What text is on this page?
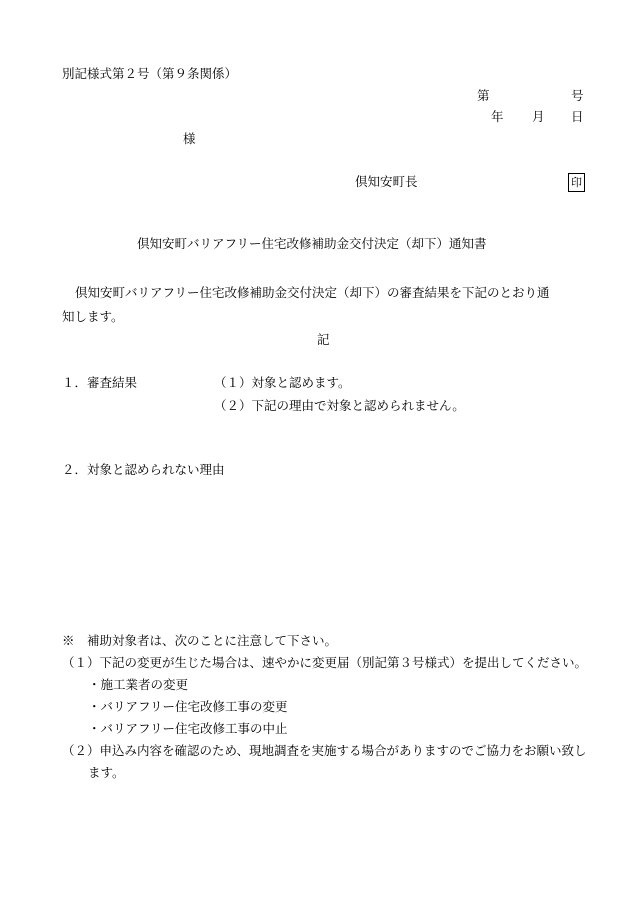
別記様式第２号（第９条関係）
第	号
年 月 日
様
倶知安町長	印
倶知安町バリアフリー住宅改修補助金交付決定（却下）通知書
倶知安町バリアフリー住宅改修補助金交付決定（却下）の審査結果を下記のとおり通
知します。
記
１．審査結果	（１）対象と認めます。
（２）下記の理由で対象と認められません。
２．対象と認められない理由
※　補助対象者は、次のことに注意して下さい。
（１）下記の変更が生じた場合は、速やかに変更届（別記第３号様式）を提出してください。
・施工業者の変更
・バリアフリー住宅改修工事の変更
・バリアフリー住宅改修工事の中止
（２）申込み内容を確認のため、現地調査を実施する場合がありますのでご協力をお願い致し
ます。
